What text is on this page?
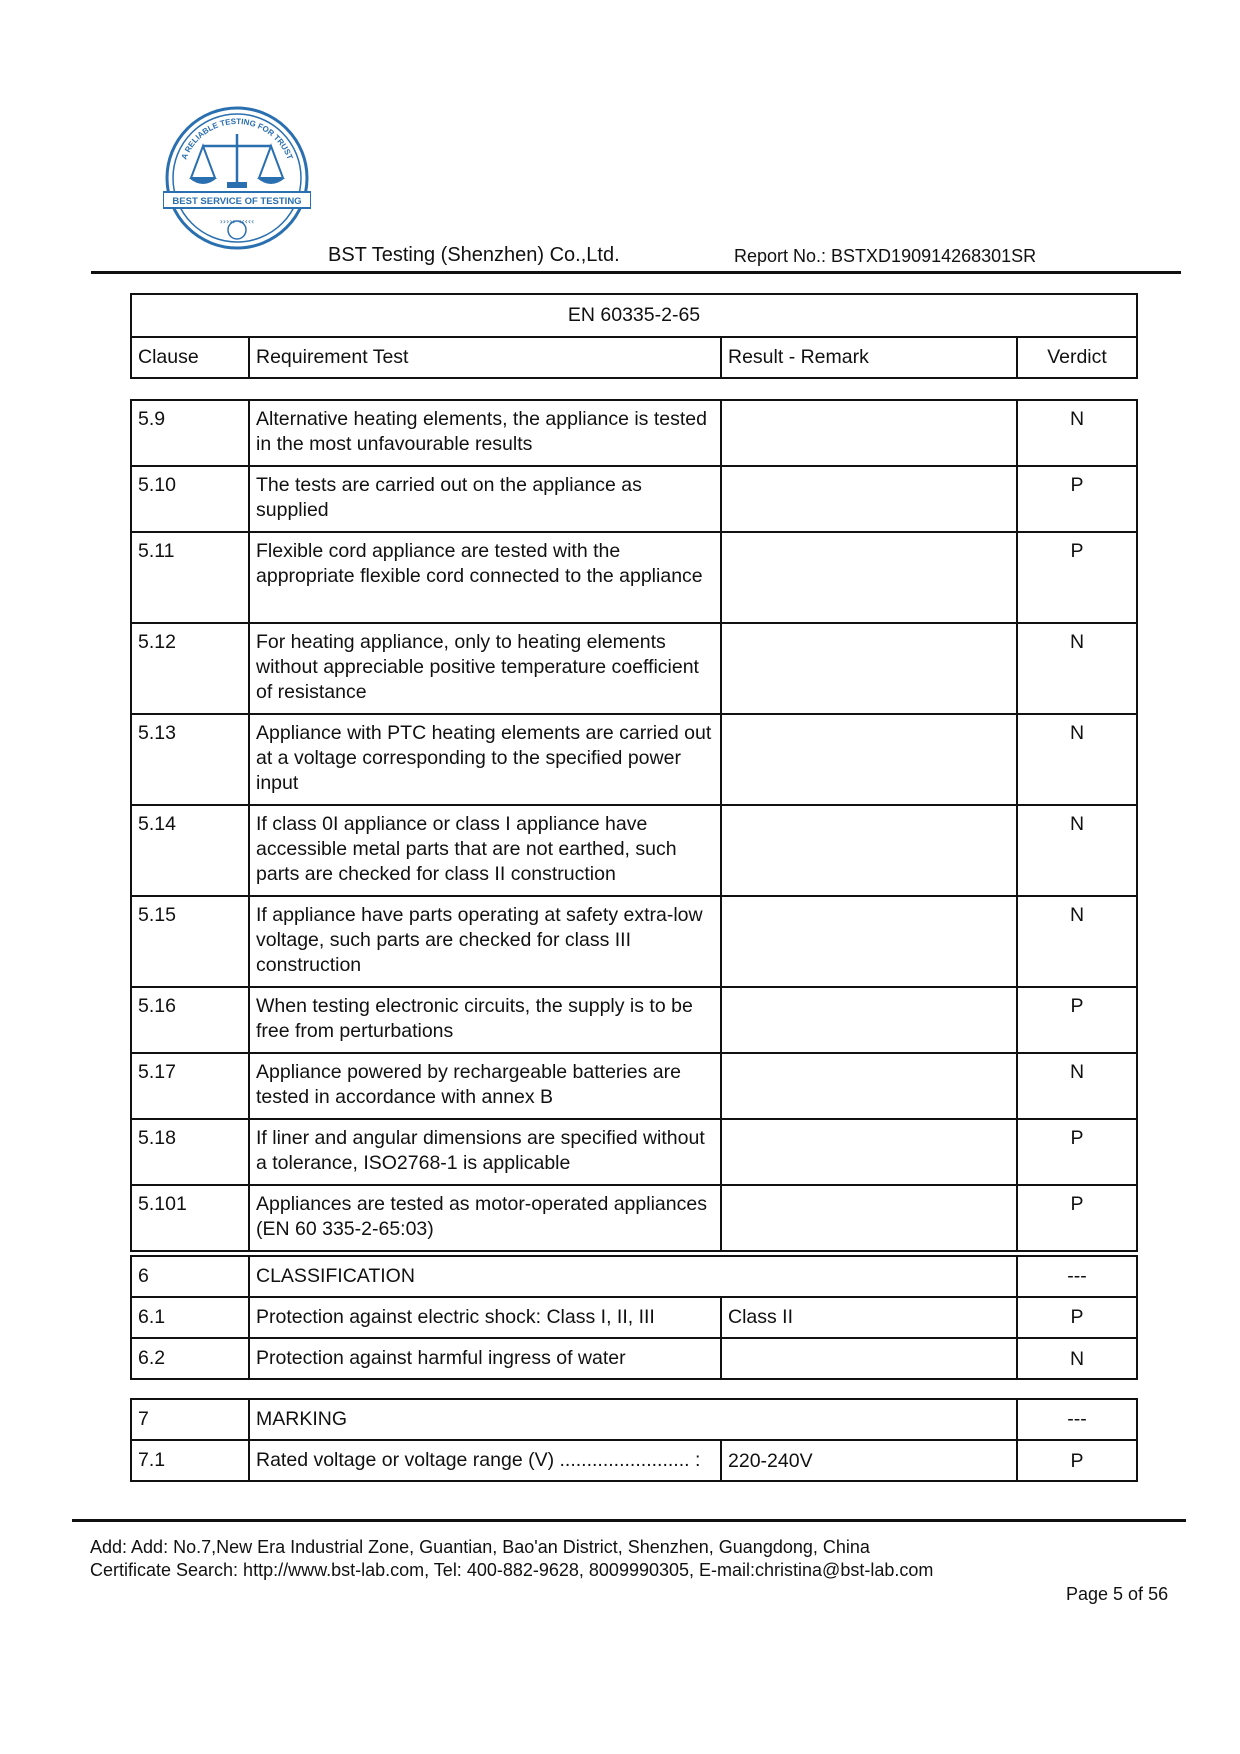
A RELIABLE TESTING FOR TRUST
BEST SERVICE OF TESTING
››››› ‹‹‹‹‹
BST Testing (Shenzhen) Co.,Ltd.	Report No.: BSTXD190914268301SR
EN 60335-2-65
Clause	Requirement Test	Result - Remark	Verdict
5.9	Alternative heating elements, the appliance is tested in the most unfavourable results		N
5.10	The tests are carried out on the appliance as supplied		P
5.11	Flexible cord appliance are tested with the appropriate flexible cord connected to the appliance		P
5.12	For heating appliance, only to heating elements without appreciable positive temperature coefficient of resistance		N
5.13	Appliance with PTC heating elements are carried out at a voltage corresponding to the specified power input		N
5.14	If class 0I appliance or class I appliance have accessible metal parts that are not earthed, such parts are checked for class II construction		N
5.15	If appliance have parts operating at safety extra-low voltage, such parts are checked for class III construction		N
5.16	When testing electronic circuits, the supply is to be free from perturbations		P
5.17	Appliance powered by rechargeable batteries are tested in accordance with annex B		N
5.18	If liner and angular dimensions are specified without a tolerance, ISO2768-1 is applicable		P
5.101	Appliances are tested as motor-operated appliances (EN 60 335-2-65:03)		P
6	CLASSIFICATION		---
6.1	Protection against electric shock: Class I, II, III	Class II	P
6.2	Protection against harmful ingress of water		N
7	MARKING		---
7.1	Rated voltage or voltage range (V) ........................ :	220-240V	P
Add: Add: No.7,New Era Industrial Zone, Guantian, Bao'an District, Shenzhen, Guangdong, China
Certificate Search: http://www.bst-lab.com, Tel: 400-882-9628, 8009990305, E-mail:christina@bst-lab.com
Page 5 of 56
